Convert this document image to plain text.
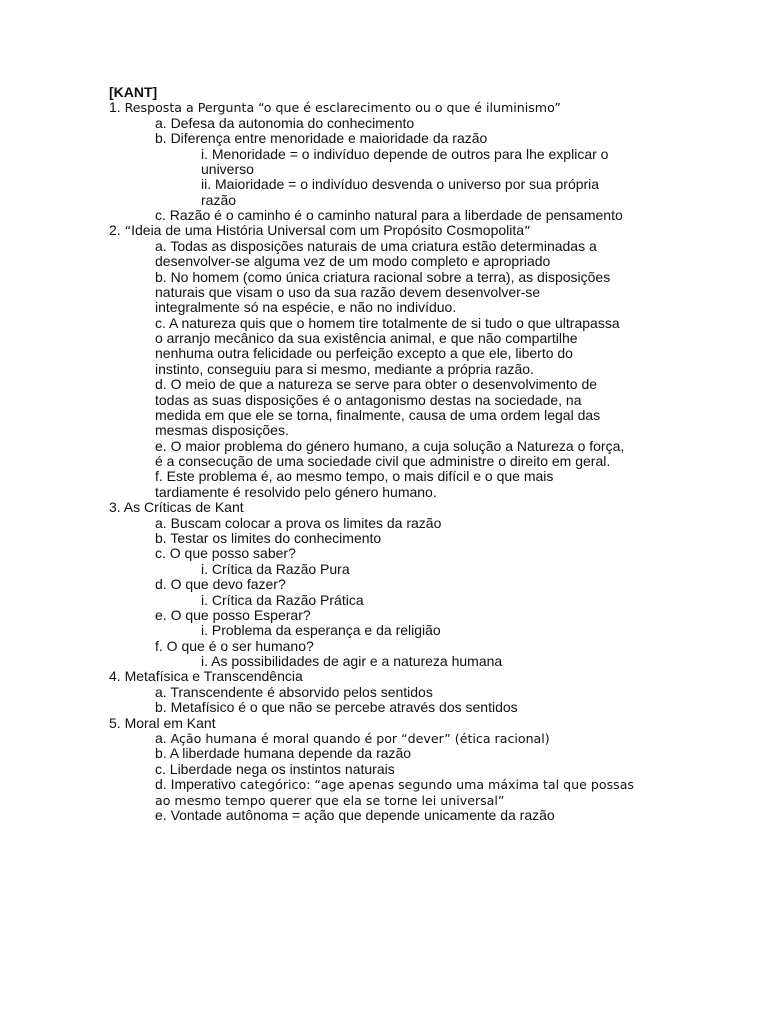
[KANT]
1. Resposta a Pergunta “o que é esclarecimento ou o que é iluminismo”
a. Defesa da autonomia do conhecimento
b. Diferença entre menoridade e maioridade da razão
i. Menoridade = o indivíduo depende de outros para lhe explicar o
universo
ii. Maioridade = o indivíduo desvenda o universo por sua própria
razão
c. Razão é o caminho é o caminho natural para a liberdade de pensamento
2. “Ideia de uma História Universal com um Propósito Cosmopolita”
a. Todas as disposições naturais de uma criatura estão determinadas a
desenvolver-se alguma vez de um modo completo e apropriado
b. No homem (como única criatura racional sobre a terra), as disposições
naturais que visam o uso da sua razão devem desenvolver-se
integralmente só na espécie, e não no indivíduo.
c. A natureza quis que o homem tire totalmente de si tudo o que ultrapassa
o arranjo mecânico da sua existência animal, e que não compartilhe
nenhuma outra felicidade ou perfeição excepto a que ele, liberto do
instinto, conseguiu para si mesmo, mediante a própria razão.
d. O meio de que a natureza se serve para obter o desenvolvimento de
todas as suas disposições é o antagonismo destas na sociedade, na
medida em que ele se torna, finalmente, causa de uma ordem legal das
mesmas disposições.
e. O maior problema do género humano, a cuja solução a Natureza o força,
é a consecução de uma sociedade civil que administre o direito em geral.
f. Este problema é, ao mesmo tempo, o mais difícil e o que mais
tardiamente é resolvido pelo género humano.
3. As Críticas de Kant
a. Buscam colocar a prova os limites da razão
b. Testar os limites do conhecimento
c. O que posso saber?
i. Crítica da Razão Pura
d. O que devo fazer?
i. Crítica da Razão Prática
e. O que posso Esperar?
i. Problema da esperança e da religião
f. O que é o ser humano?
i. As possibilidades de agir e a natureza humana
4. Metafísica e Transcendência
a. Transcendente é absorvido pelos sentidos
b. Metafísico é o que não se percebe através dos sentidos
5. Moral em Kant
a. Ação humana é moral quando é por “dever” (ética racional)
b. A liberdade humana depende da razão
c. Liberdade nega os instintos naturais
d. Imperativo categórico: “age apenas segundo uma máxima tal que possas
ao mesmo tempo querer que ela se torne lei universal”
e. Vontade autônoma = ação que depende unicamente da razão
